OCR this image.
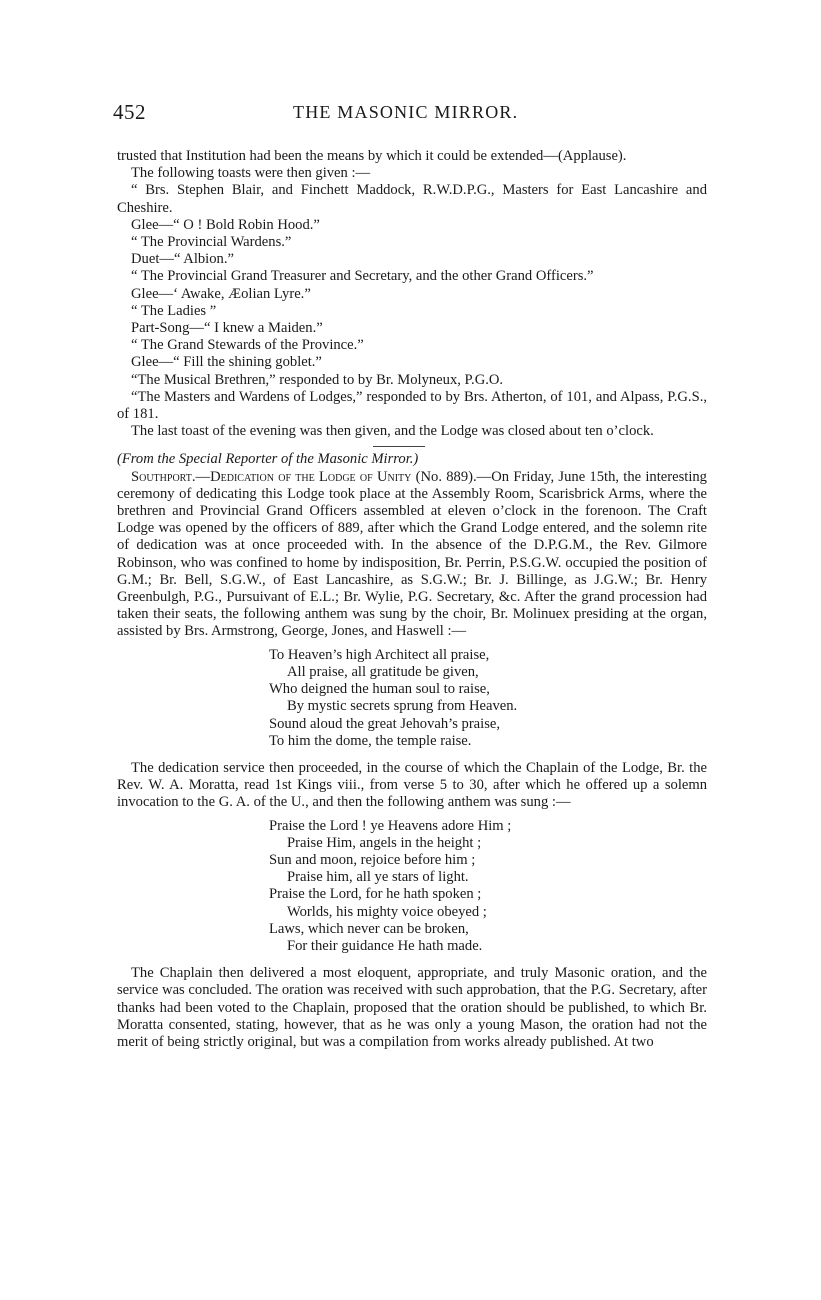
452	THE MASONIC MIRROR.

trusted that Institution had been the means by which it could be extended—(Applause).

The following toasts were then given :—

“ Brs. Stephen Blair, and Finchett Maddock, R.W.D.P.G., Masters for East Lancashire and Cheshire.

Glee—“ O ! Bold Robin Hood.”

“ The Provincial Wardens.”

Duet—“ Albion.”

“ The Provincial Grand Treasurer and Secretary, and the other Grand Officers.”

Glee—‘ Awake, Æolian Lyre.”

“ The Ladies ”

Part-Song—“ I knew a Maiden.”

“ The Grand Stewards of the Province.”

Glee—“ Fill the shining goblet.”

“The Musical Brethren,” responded to by Br. Molyneux, P.G.O.

“The Masters and Wardens of Lodges,” responded to by Brs. Atherton, of 101, and Alpass, P.G.S., of 181.

The last toast of the evening was then given, and the Lodge was closed about ten o’clock.

(From the Special Reporter of the Masonic Mirror.)

Southport.—Dedication of the Lodge of Unity (No. 889).—On Friday, June 15th, the interesting ceremony of dedicating this Lodge took place at the Assembly Room, Scarisbrick Arms, where the brethren and Provincial Grand Officers assembled at eleven o’clock in the forenoon. The Craft Lodge was opened by the officers of 889, after which the Grand Lodge entered, and the solemn rite of dedication was at once proceeded with. In the absence of the D.P.G.M., the Rev. Gilmore Robinson, who was confined to home by indisposition, Br. Perrin, P.S.G.W. occupied the position of G.M.; Br. Bell, S.G.W., of East Lancashire, as S.G.W.; Br. J. Billinge, as J.G.W.; Br. Henry Greenbulgh, P.G., Pursuivant of E.L.; Br. Wylie, P.G. Secretary, &c. After the grand procession had taken their seats, the following anthem was sung by the choir, Br. Molinuex presiding at the organ, assisted by Brs. Armstrong, George, Jones, and Haswell :—

To Heaven’s high Architect all praise,

All praise, all gratitude be given,

Who deigned the human soul to raise,

By mystic secrets sprung from Heaven.

Sound aloud the great Jehovah’s praise,

To him the dome, the temple raise.

The dedication service then proceeded, in the course of which the Chaplain of the Lodge, Br. the Rev. W. A. Moratta, read 1st Kings viii., from verse 5 to 30, after which he offered up a solemn invocation to the G. A. of the U., and then the following anthem was sung :—

Praise the Lord ! ye Heavens adore Him ;

Praise Him, angels in the height ;

Sun and moon, rejoice before him ;

Praise him, all ye stars of light.

Praise the Lord, for he hath spoken ;

Worlds, his mighty voice obeyed ;

Laws, which never can be broken,

For their guidance He hath made.

The Chaplain then delivered a most eloquent, appropriate, and truly Masonic oration, and the service was concluded. The oration was received with such approbation, that the P.G. Secretary, after thanks had been voted to the Chaplain, proposed that the oration should be published, to which Br. Moratta consented, stating, however, that as he was only a young Mason, the oration had not the merit of being strictly original, but was a compilation from works already published. At two
